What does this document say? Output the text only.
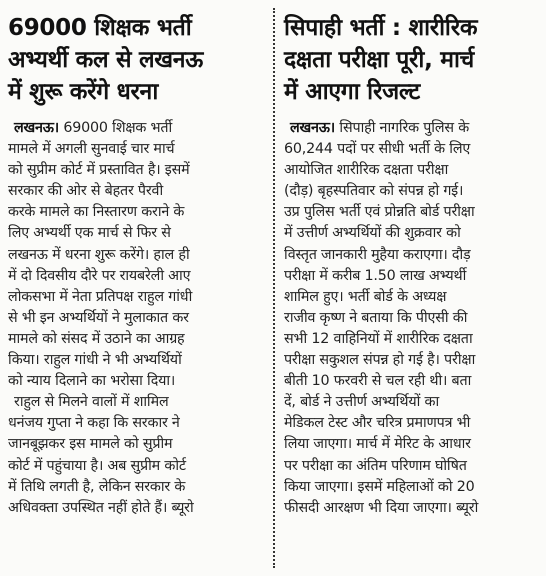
69000 शिक्षक भर्ती
अभ्यर्थी कल से लखनऊ
में शुरू करेंगे धरना
लखनऊ। 69000 शिक्षक भर्ती
मामले में अगली सुनवाई चार मार्च
को सुप्रीम कोर्ट में प्रस्तावित है। इसमें
सरकार की ओर से बेहतर पैरवी
करके मामले का निस्तारण कराने के
लिए अभ्यर्थी एक मार्च से फिर से
लखनऊ में धरना शुरू करेंगे। हाल ही
में दो दिवसीय दौरे पर रायबरेली आए
लोकसभा में नेता प्रतिपक्ष राहुल गांधी
से भी इन अभ्यर्थियों ने मुलाकात कर
मामले को संसद में उठाने का आग्रह
किया। राहुल गांधी ने भी अभ्यर्थियों
को न्याय दिलाने का भरोसा दिया।
राहुल से मिलने वालों में शामिल
धनंजय गुप्ता ने कहा कि सरकार ने
जानबूझकर इस मामले को सुप्रीम
कोर्ट में पहुंचाया है। अब सुप्रीम कोर्ट
में तिथि लगती है, लेकिन सरकार के
अधिवक्ता उपस्थित नहीं होते हैं। ब्यूरो
सिपाही भर्ती : शारीरिक
दक्षता परीक्षा पूरी, मार्च
में आएगा रिजल्ट
लखनऊ। सिपाही नागरिक पुलिस के
60,244 पदों पर सीधी भर्ती के लिए
आयोजित शारीरिक दक्षता परीक्षा
(दौड़) बृहस्पतिवार को संपन्न हो गई।
उप्र पुलिस भर्ती एवं प्रोन्नति बोर्ड परीक्षा
में उत्तीर्ण अभ्यर्थियों की शुक्रवार को
विस्तृत जानकारी मुहैया कराएगा। दौड़
परीक्षा में करीब 1.50 लाख अभ्यर्थी
शामिल हुए। भर्ती बोर्ड के अध्यक्ष
राजीव कृष्ण ने बताया कि पीएसी की
सभी 12 वाहिनियों में शारीरिक दक्षता
परीक्षा सकुशल संपन्न हो गई है। परीक्षा
बीती 10 फरवरी से चल रही थी। बता
दें, बोर्ड ने उत्तीर्ण अभ्यर्थियों का
मेडिकल टेस्ट और चरित्र प्रमाणपत्र भी
लिया जाएगा। मार्च में मेरिट के आधार
पर परीक्षा का अंतिम परिणाम घोषित
किया जाएगा। इसमें महिलाओं को 20
फीसदी आरक्षण भी दिया जाएगा। ब्यूरो
